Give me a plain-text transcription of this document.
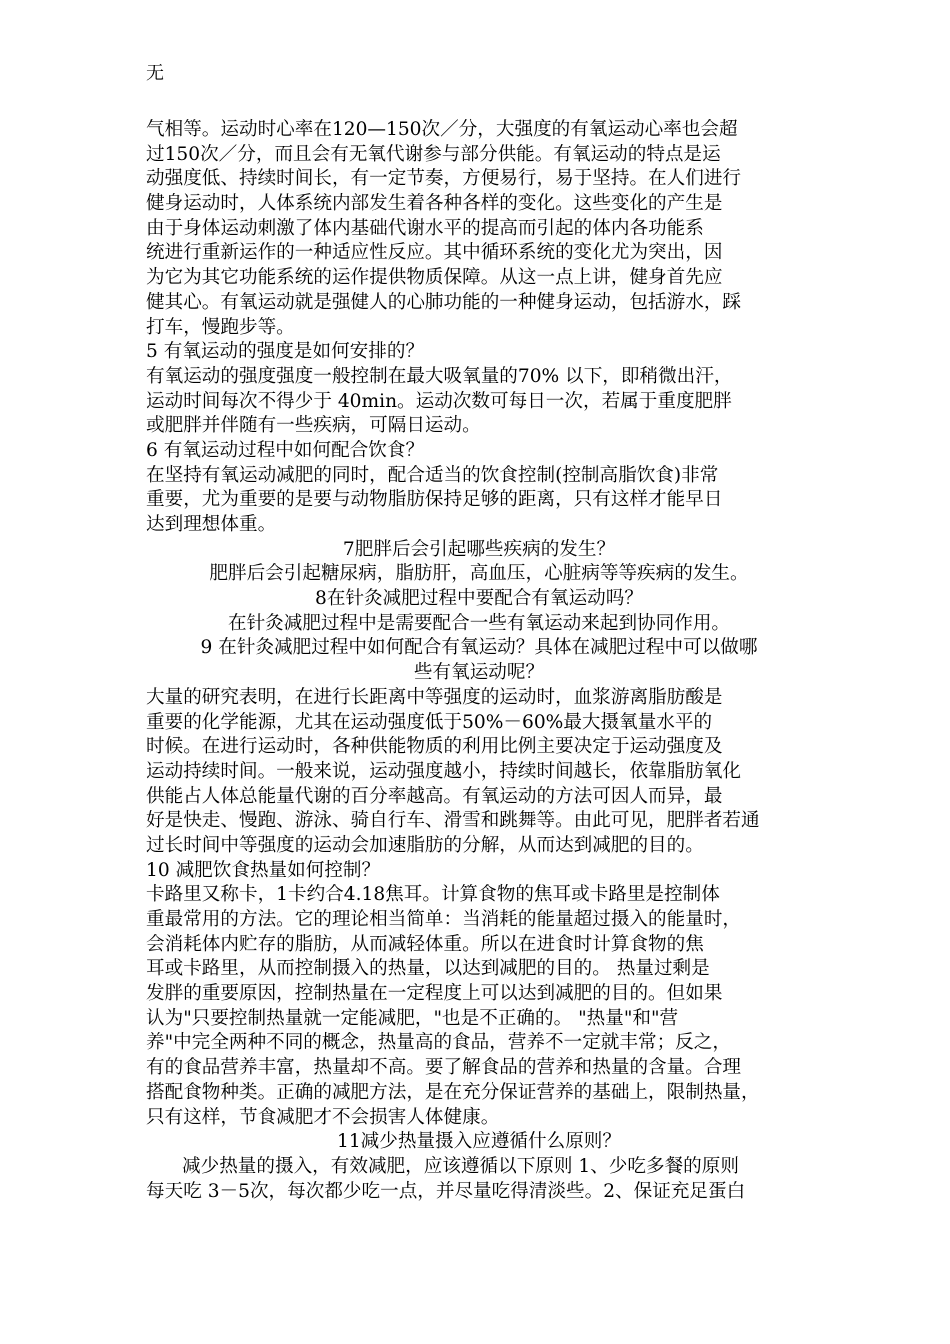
无
气相等。运动时心率在120—150次／分，大强度的有氧运动心率也会超
过150次／分，而且会有无氧代谢参与部分供能。有氧运动的特点是运
动强度低、持续时间长，有一定节奏，方便易行，易于坚持。在人们进行
健身运动时，人体系统内部发生着各种各样的变化。这些变化的产生是
由于身体运动刺激了体内基础代谢水平的提高而引起的体内各功能系
统进行重新运作的一种适应性反应。其中循环系统的变化尤为突出，因
为它为其它功能系统的运作提供物质保障。从这一点上讲，健身首先应
健其心。有氧运动就是强健人的心肺功能的一种健身运动，包括游水，踩
打车，慢跑步等。
5 有氧运动的强度是如何安排的？
有氧运动的强度强度一般控制在最大吸氧量的70% 以下，即稍微出汗，
运动时间每次不得少于 40min。运动次数可每日一次，若属于重度肥胖
或肥胖并伴随有一些疾病，可隔日运动。
6 有氧运动过程中如何配合饮食？
在坚持有氧运动减肥的同时，配合适当的饮食控制(控制高脂饮食)非常
重要，尤为重要的是要与动物脂肪保持足够的距离，只有这样才能早日
达到理想体重。
7肥胖后会引起哪些疾病的发生？
肥胖后会引起糖尿病，脂肪肝，高血压，心脏病等等疾病的发生。
8在针灸减肥过程中要配合有氧运动吗？
在针灸减肥过程中是需要配合一些有氧运动来起到协同作用。
9 在针灸减肥过程中如何配合有氧运动？具体在减肥过程中可以做哪
些有氧运动呢？
大量的研究表明，在进行长距离中等强度的运动时，血浆游离脂肪酸是
重要的化学能源，尤其在运动强度低于50%－60%最大摄氧量水平的
时候。在进行运动时，各种供能物质的利用比例主要决定于运动强度及
运动持续时间。一般来说，运动强度越小，持续时间越长，依靠脂肪氧化
供能占人体总能量代谢的百分率越高。有氧运动的方法可因人而异，最
好是快走、慢跑、游泳、骑自行车、滑雪和跳舞等。由此可见，肥胖者若通
过长时间中等强度的运动会加速脂肪的分解，从而达到减肥的目的。
10 减肥饮食热量如何控制？
卡路里又称卡，1卡约合4.18焦耳。计算食物的焦耳或卡路里是控制体
重最常用的方法。它的理论相当简单：当消耗的能量超过摄入的能量时，
会消耗体内贮存的脂肪，从而减轻体重。所以在进食时计算食物的焦
耳或卡路里，从而控制摄入的热量，以达到减肥的目的。 热量过剩是
发胖的重要原因，控制热量在一定程度上可以达到减肥的目的。但如果
认为"只要控制热量就一定能减肥，"也是不正确的。 "热量"和"营
养"中完全两种不同的概念，热量高的食品，营养不一定就丰常；反之，
有的食品营养丰富，热量却不高。要了解食品的营养和热量的含量。合理
搭配食物种类。正确的减肥方法，是在充分保证营养的基础上，限制热量，
只有这样，节食减肥才不会损害人体健康。
11减少热量摄入应遵循什么原则？
减少热量的摄入，有效减肥，应该遵循以下原则 1、少吃多餐的原则
每天吃 3－5次，每次都少吃一点，并尽量吃得清淡些。2、保证充足蛋白
